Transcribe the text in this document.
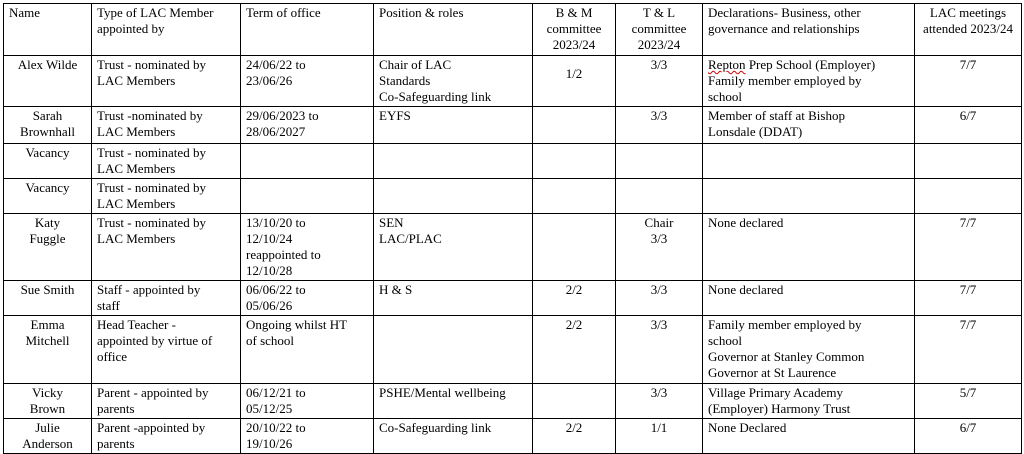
Name	Type of LAC Member appointed by	Term of office	Position & roles	B & M committee 2023/24	T & L committee 2023/24	Declarations- Business, other governance and relationships	LAC meetings attended 2023/24

Alex Wilde	Trust - nominated by
LAC Members	24/06/22 to
23/06/26	Chair of LAC
Standards
Co-Safeguarding link	1/2	3/3	Repton Prep School (Employer)
Family member employed by
school	7/7

Sarah
Brownhall	Trust -nominated by
LAC Members	29/06/2023 to
28/06/2027	EYFS		3/3	Member of staff at Bishop
Lonsdale (DDAT)	6/7

Vacancy	Trust - nominated by
LAC Members						

Vacancy	Trust - nominated by
LAC Members						

Katy
Fuggle	Trust - nominated by
LAC Members	13/10/20 to
12/10/24
reappointed to
12/10/28	SEN
LAC/PLAC		Chair
3/3	None declared	7/7

Sue Smith	Staff - appointed by
staff	06/06/22 to
05/06/26	H & S	2/2	3/3	None declared	7/7

Emma
Mitchell	Head Teacher -
appointed by virtue of
office	Ongoing whilst HT
of school		2/2	3/3	Family member employed by
school
Governor at Stanley Common
Governor at St Laurence	7/7

Vicky
Brown	Parent - appointed by
parents	06/12/21 to
05/12/25	PSHE/Mental wellbeing		3/3	Village Primary Academy
(Employer) Harmony Trust	5/7

Julie
Anderson	Parent -appointed by
parents	20/10/22 to
19/10/26	Co-Safeguarding link	2/2	1/1	None Declared	6/7
